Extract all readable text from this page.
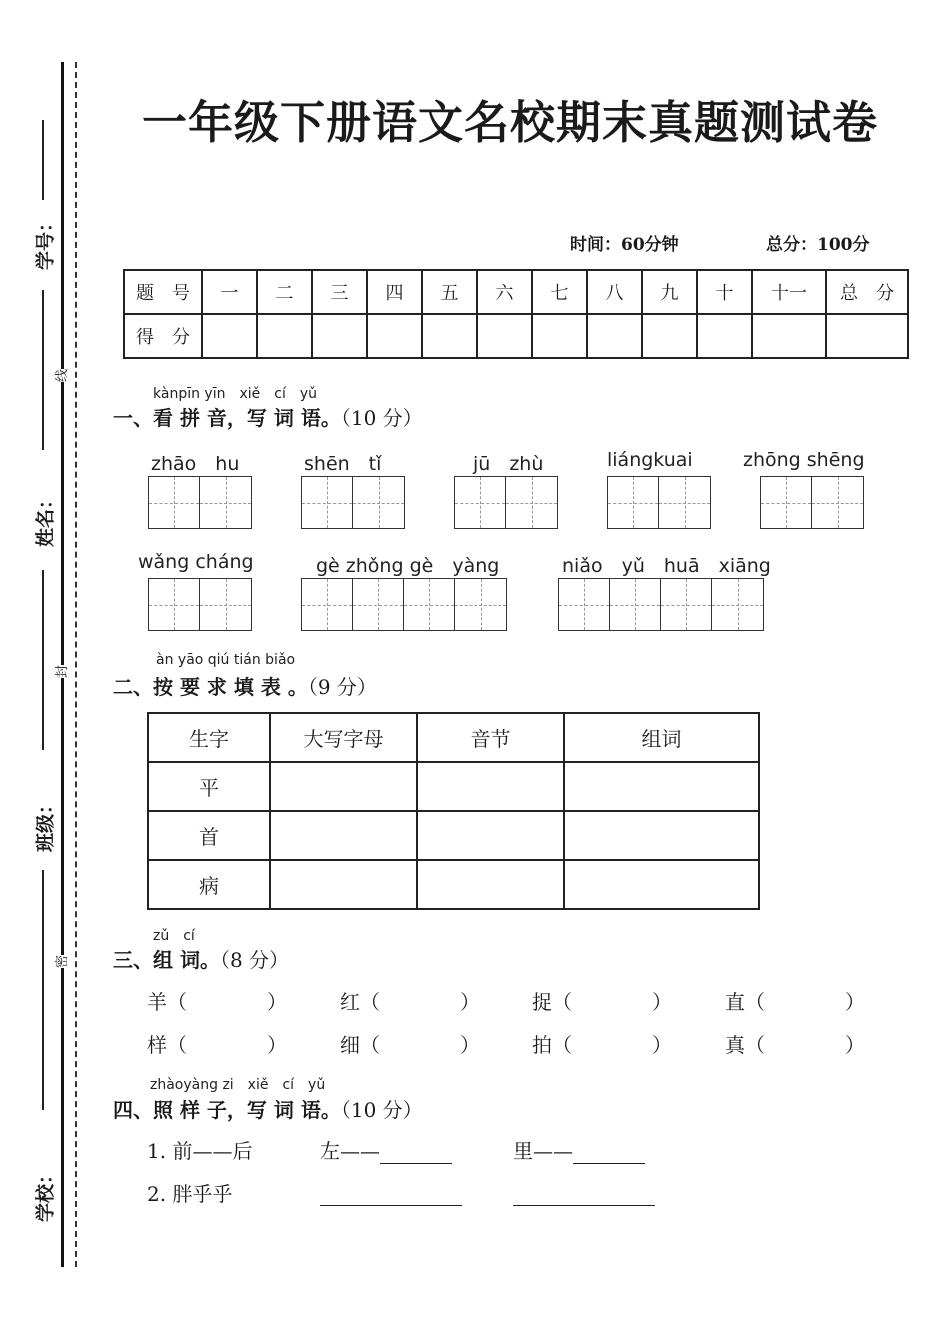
学号：
姓名：
班级：
学校：
线
封
密
一年级下册语文名校期末真题测试卷
时间：60分钟	总分：100分
题　号	一	二	三	四	五	六	七	八	九	十	十一	总　分
得　分												
kànpīn yīn　xiě　cí　yǔ
一、看 拼 音，写 词 语。（10 分）
zhāo　hu	shēn　tǐ	jū　zhù	liángkuai	zhōng shēng
wǎng cháng	gè zhǒng gè　yàng	niǎo　yǔ　huā　xiāng
àn yāo qiú tián biǎo
二、按 要 求 填 表 。（9 分）
生字	大写字母	音节	组词
平			
首			
病			
zǔ　cí
三、组 词。（8 分）
羊（　　　　）	红（　　　　）	捉（　　　　）	直（　　　　）
样（　　　　）	细（　　　　）	拍（　　　　）	真（　　　　）
zhàoyàng zi　xiě　cí　yǔ
四、照 样 子，写 词 语。（10 分）
1. 前——后	左——	里——
2. 胖乎乎
